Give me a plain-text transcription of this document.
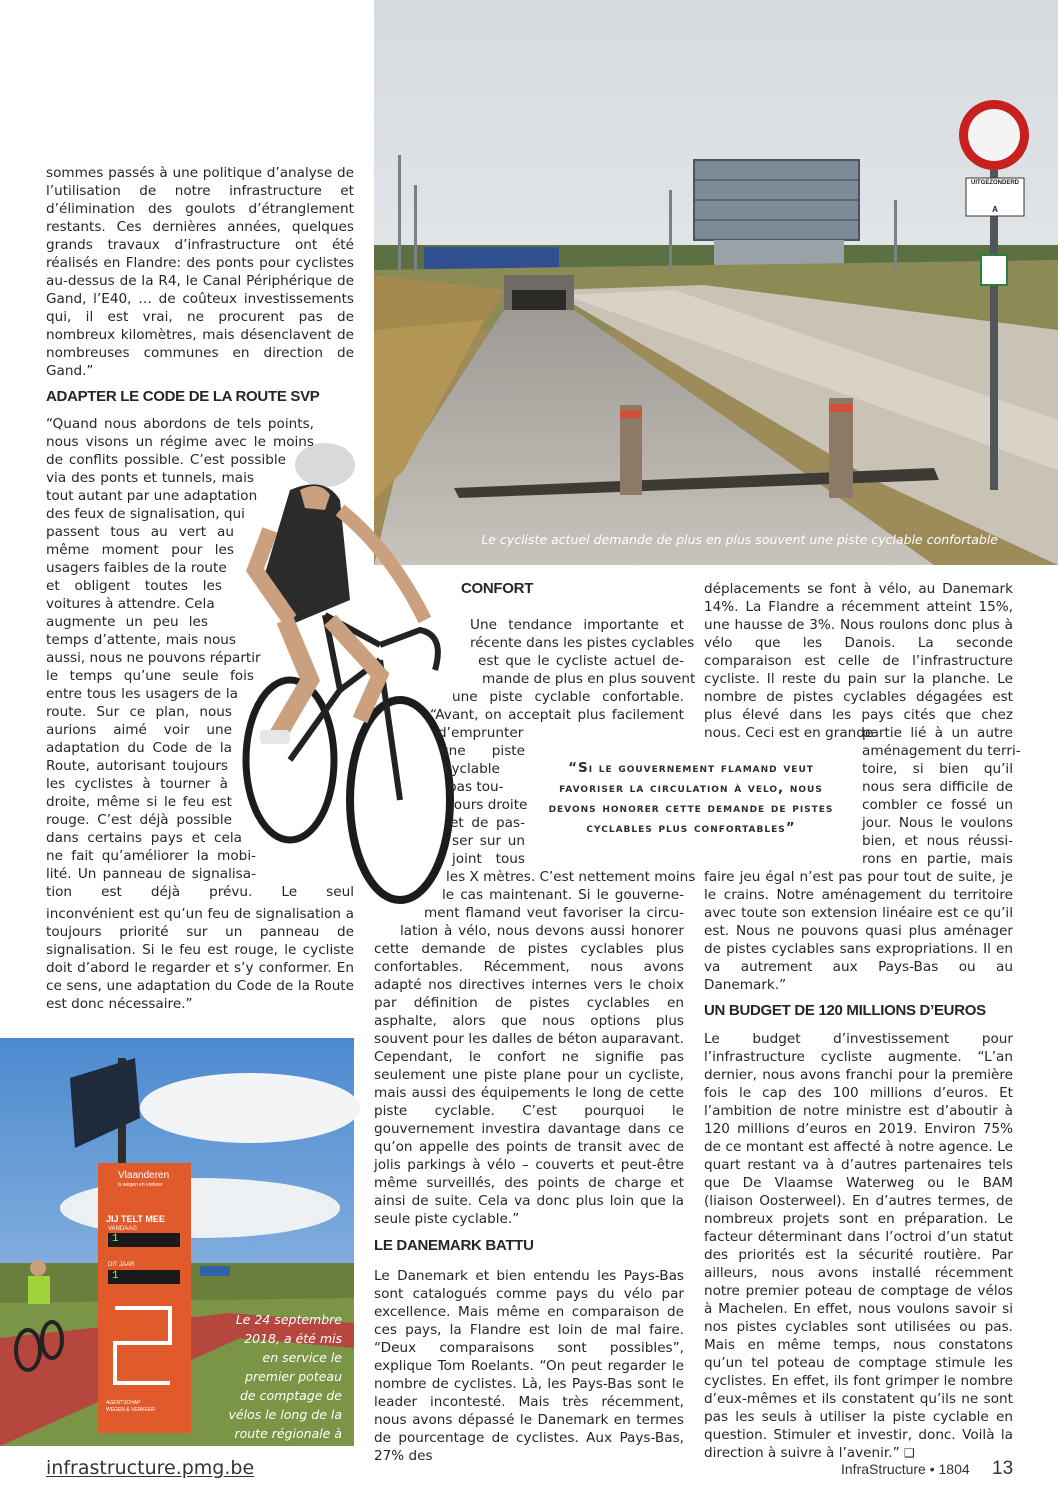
UITGEZONDERD
A
Le cycliste actuel demande de plus en plus souvent une piste cyclable confortable
Vlaanderen
is wegen en verkeer
JIJ TELT MEE
VANDAAG
1
DIT JAAR
1
AGENTSCHAP WEGEN & VERKEER
Le 24 septembre 2018, a été mis en service le premier poteau de comptage de vélos le long de la route régionale à Machelen
sommes passés à une politique d’analyse de l’utilisation de notre infrastructure et d’élimination des goulots d’étranglement restants. Ces dernières années, quelques grands travaux d’infrastructure ont été réalisés en Flandre: des ponts pour cyclistes au-dessus de la R4, le Canal Périphérique de Gand, l’E40, … de coûteux investissements qui, il est vrai, ne procurent pas de nombreux kilomètres, mais désenclavent de nombreuses communes en direction de Gand.”
ADAPTER LE CODE DE LA ROUTE SVP
“Quand nous abordons de tels points,
nous visons un régime avec le moins
de conflits possible. C’est possible
via des ponts et tunnels, mais
tout autant par une adaptation
des feux de signalisation, qui
passent tous au vert au
même moment pour les
usagers faibles de la route
et obligent toutes les
voitures à attendre. Cela
augmente un peu les
temps d’attente, mais nous
aussi, nous ne pouvons répartir
le temps qu’une seule fois
entre tous les usagers de la
route. Sur ce plan, nous
aurions aimé voir une
adaptation du Code de la
Route, autorisant toujours
les cyclistes à tourner à
droite, même si le feu est
rouge. C’est déjà possible
dans certains pays et cela
ne fait qu’améliorer la mobi-
lité. Un panneau de signalisa-
tion est déjà prévu. Le seul
inconvénient est qu’un feu de signalisation a toujours priorité sur un panneau de signalisation. Si le feu est rouge, le cycliste doit d’abord le regarder et s’y conformer. En ce sens, une adaptation du Code de la Route est donc nécessaire.”
CONFORT
Une tendance importante et
récente dans les pistes cyclables
est que le cycliste actuel de-
mande de plus en plus souvent
une piste cyclable confortable.
“Avant, on acceptait plus facilement
d’emprunter
une piste
cyclable
pas tou-
jours droite
et de pas-
ser sur un
joint tous
les X mètres. C’est nettement moins
le cas maintenant. Si le gouverne-
ment flamand veut favoriser la circu-
lation à vélo, nous devons aussi honorer
cette demande de pistes cyclables plus confortables. Récemment, nous avons adapté nos directives internes vers le choix par définition de pistes cyclables en asphalte, alors que nous options plus souvent pour les dalles de béton auparavant. Cependant, le confort ne signifie pas seulement une piste plane pour un cycliste, mais aussi des équipements le long de cette piste cyclable. C’est pourquoi le gouvernement investira davantage dans ce qu’on appelle des points de transit avec de jolis parkings à vélo – couverts et peut-être même surveillés, des points de charge et ainsi de suite. Cela va donc plus loin que la seule piste cyclable.”
LE DANEMARK BATTU
Le Danemark et bien entendu les Pays-Bas sont catalogués comme pays du vélo par excellence. Mais même en comparaison de ces pays, la Flandre est loin de mal faire. “Deux comparaisons sont possibles”, explique Tom Roelants. “On peut regarder le nombre de cyclistes. Là, les Pays-Bas sont le leader incontesté. Mais très récemment, nous avons dépassé le Danemark en termes de pourcentage de cyclistes. Aux Pays-Bas, 27% des
“Si le gouvernement flamand veut favoriser la circulation à velo, nous devons honorer cette demande de pistes cyclables plus confortables”
déplacements se font à vélo, au Danemark 14%. La Flandre a récemment atteint 15%, une hausse de 3%. Nous roulons donc plus à vélo que les Danois. La seconde comparaison est celle de l’infrastructure cycliste. Il reste du pain sur la planche. Le nombre de pistes cyclables dégagées est plus élevé dans les pays cités que chez nous. Ceci est en grande
partie lié à un autre
aménagement du terri-
toire, si bien qu’il
nous sera difficile de
combler ce fossé un
jour. Nous le voulons
bien, et nous réussi-
rons en partie, mais
faire jeu égal n’est pas pour tout de suite, je le crains. Notre aménagement du territoire avec toute son extension linéaire est ce qu’il est. Nous ne pouvons quasi plus aménager de pistes cyclables sans expropriations. Il en va autrement aux Pays-Bas ou au Danemark.”
UN BUDGET DE 120 MILLIONS D’EUROS
Le budget d’investissement pour l’infrastructure cycliste augmente. “L’an dernier, nous avons franchi pour la première fois le cap des 100 millions d’euros. Et l’ambition de notre ministre est d’aboutir à 120 millions d’euros en 2019. Environ 75% de ce montant est affecté à notre agence. Le quart restant va à d’autres partenaires tels que De Vlaamse Waterweg ou le BAM (liaison Oosterweel). En d’autres termes, de nombreux projets sont en préparation. Le facteur déterminant dans l’octroi d’un statut des priorités est la sécurité routière. Par ailleurs, nous avons installé récemment notre premier poteau de comptage de vélos à Machelen. En effet, nous voulons savoir si nos pistes cyclables sont utilisées ou pas. Mais en même temps, nous constatons qu’un tel poteau de comptage stimule les cyclistes. En effet, ils font grimper le nombre d’eux-mêmes et ils constatent qu’ils ne sont pas les seuls à utiliser la piste cyclable en question. Stimuler et investir, donc. Voilà la direction à suivre à l’avenir.” ❑
infrastructure.pmg.be	InfraStructure • 1804 13
